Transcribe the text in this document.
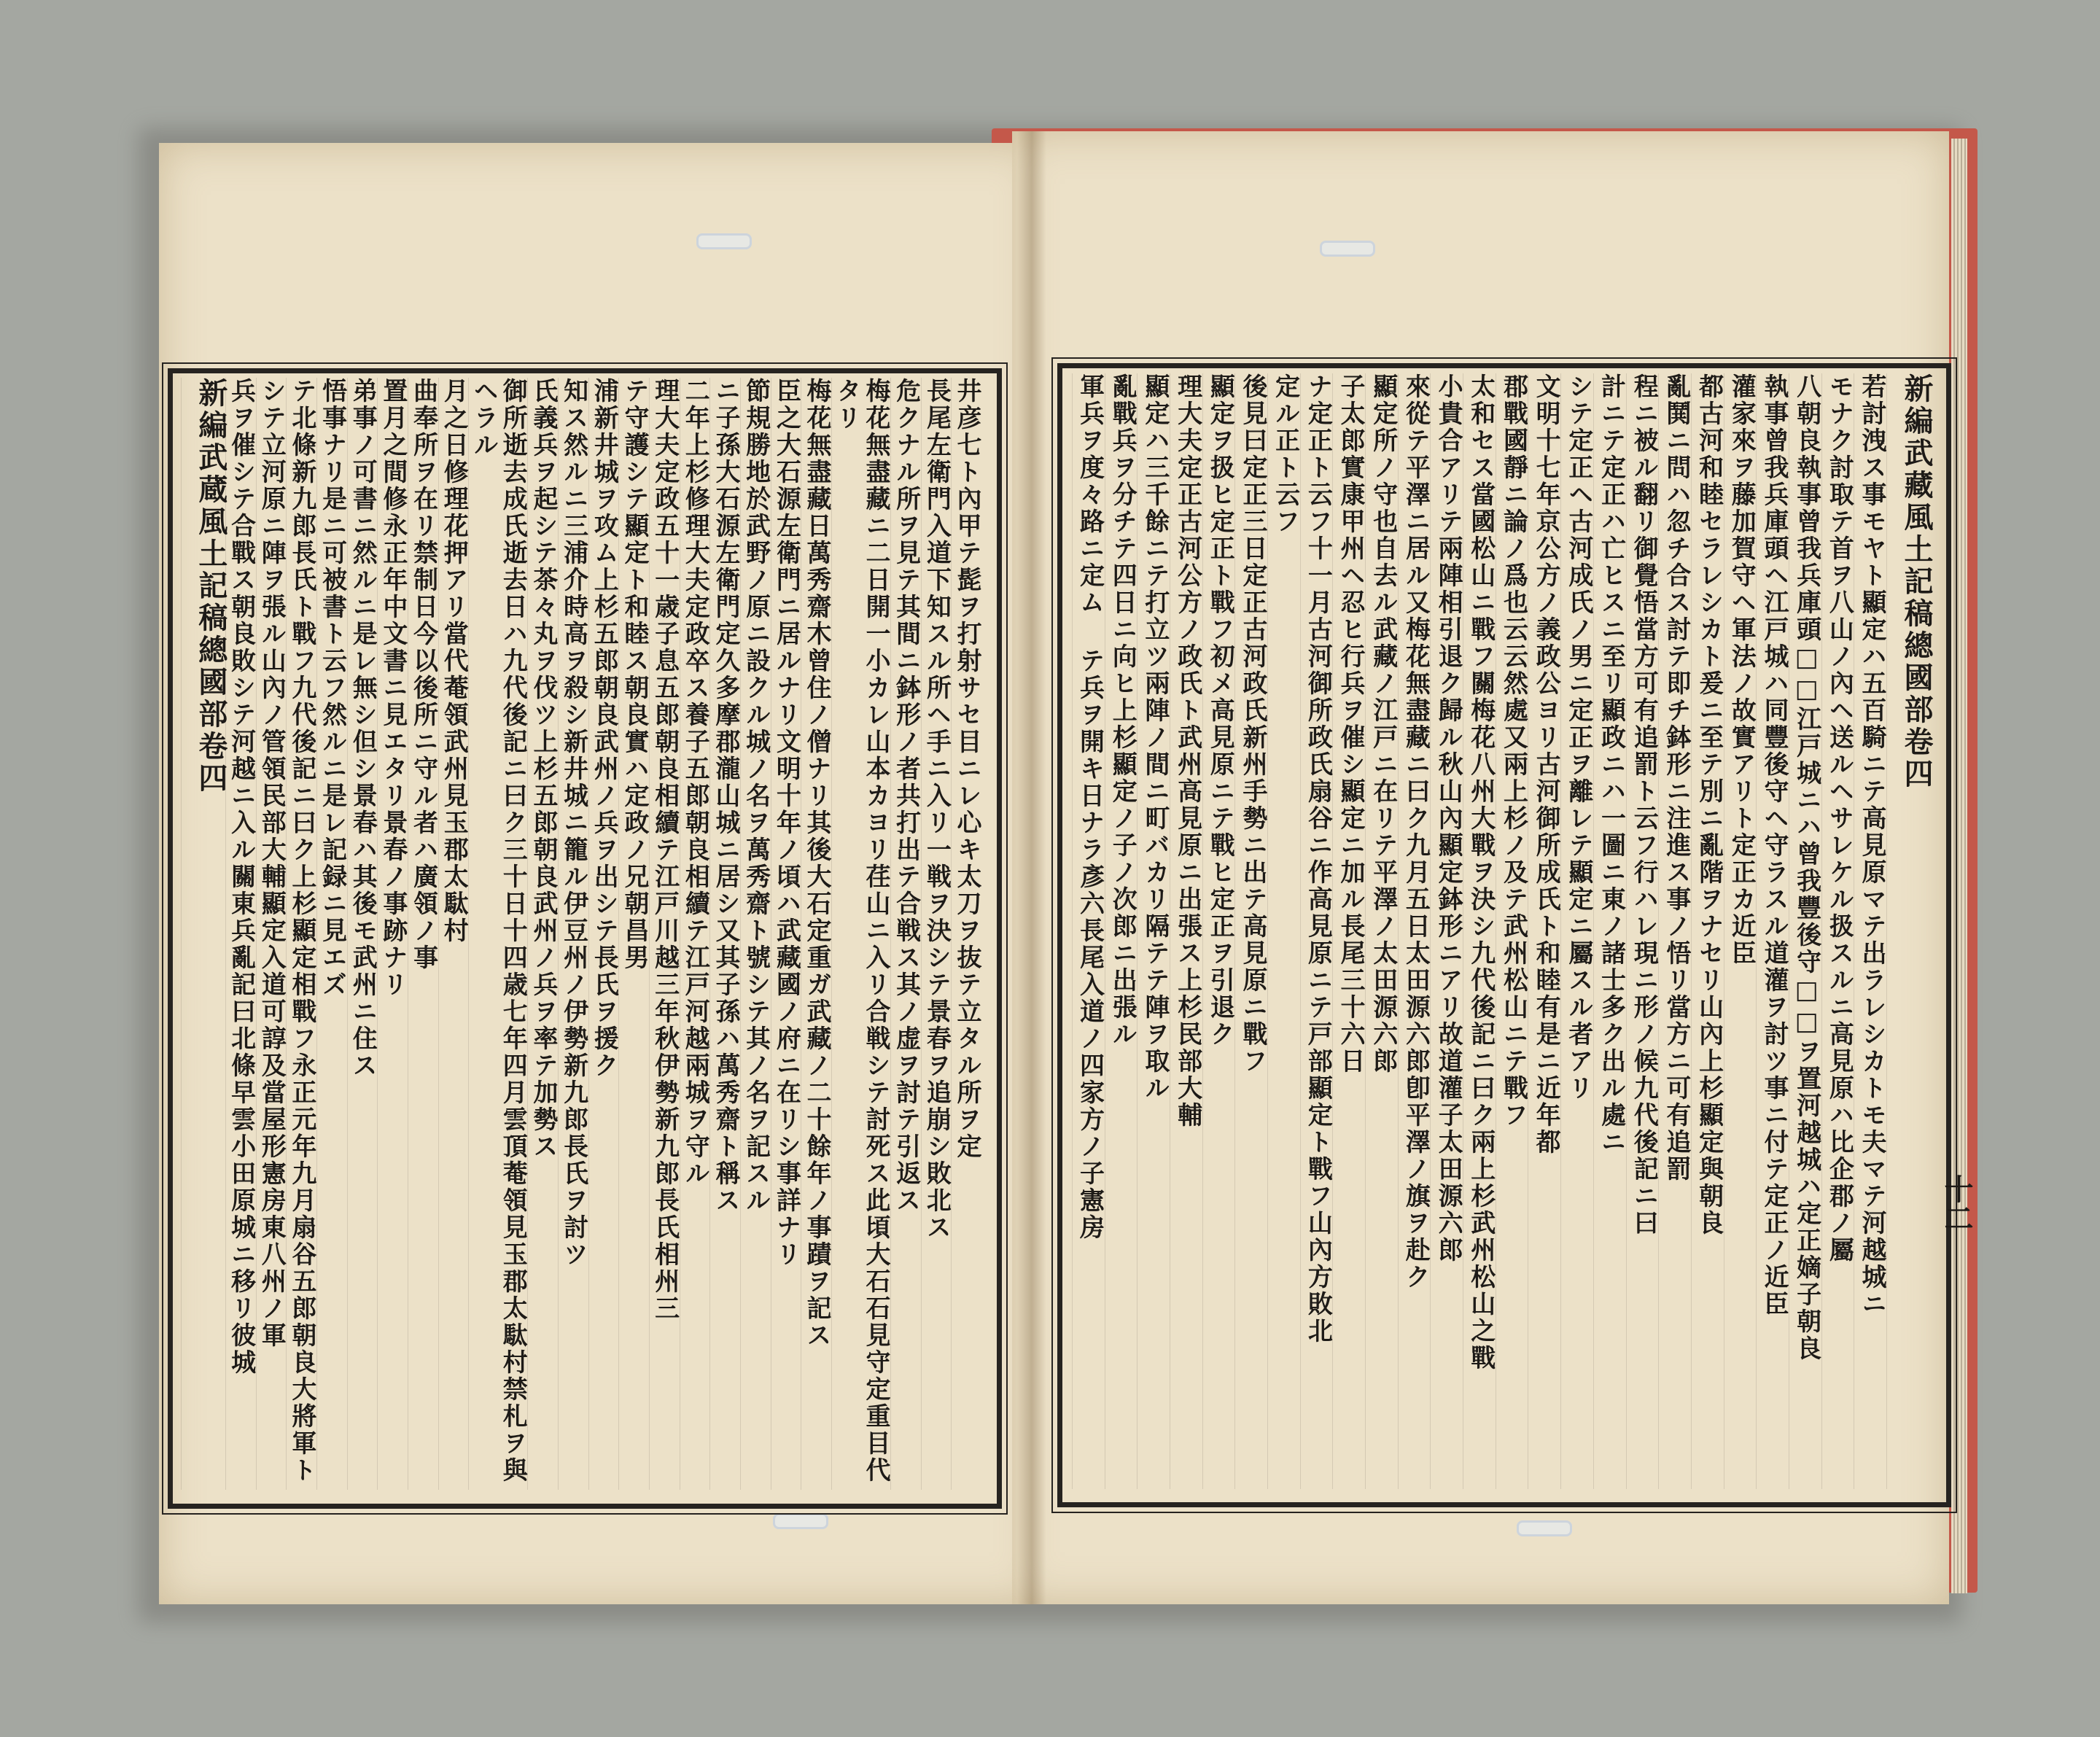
井彦七ト內甲テ髭ヲ打射サセ目ニレ心キ太刀ヲ抜テ立タル所ヲ定
長尾左衛門入道下知スル所ヘ手ニ入リ一戦ヲ決シテ景春ヲ追崩シ敗北ス
危クナル所ヲ見テ其間ニ鉢形ノ者共打出テ合戦ス其ノ虚ヲ討テ引返ス
梅花無盡藏ニ二日開一小カレ山本カヨリ荏山ニ入リ合戦シテ討死ス此頃大石石見守定重目代タリ
梅花無盡藏日萬秀齋木曾住ノ僧ナリ其後大石定重ガ武藏ノ二十餘年ノ事蹟ヲ記ス
臣之大石源左衛門ニ居ルナリ文明十年ノ頃ハ武藏國ノ府ニ在リシ事詳ナリ
節規勝地於武野ノ原ニ設クル城ノ名ヲ萬秀齋ト號シテ其ノ名ヲ記スル
ニ子孫大石源左衛門定久多摩郡瀧山城ニ居シ又其子孫ハ萬秀齋ト稱ス
二年上杉修理大夫定政卒ス養子五郎朝良相續テ江戸河越兩城ヲ守ル
理大夫定政五十一歳子息五郎朝良相續テ江戸川越三年秋伊勢新九郎長氏相州三
テ守護シテ顯定ト和睦ス朝良實ハ定政ノ兄朝昌男
浦新井城ヲ攻ム上杉五郎朝良武州ノ兵ヲ出シテ長氏ヲ援ク
知ス然ルニ三浦介時高ヲ殺シ新井城ニ籠ル伊豆州ノ伊勢新九郎長氏ヲ討ツ
氏義兵ヲ起シテ茶々丸ヲ伐ツ上杉五郎朝良武州ノ兵ヲ率テ加勢ス
御所逝去成氏逝去日ハ九代後記ニ曰ク三十日十四歳七年四月雲頂菴領見玉郡太駄村禁札ヲ與ヘラル
月之日修理花押アリ當代菴領武州見玉郡太駄村
曲奉所ヲ在リ禁制日今以後所ニ守ル者ハ廣領ノ事
置月之間修永正年中文書ニ見エタリ景春ノ事跡ナリ
弟事ノ可書ニ然ルニ是レ無シ但シ景春ハ其後モ武州ニ住ス
悟事ナリ是ニ可被書ト云フ然ルニ是レ記録ニ見エズ
テ北條新九郎長氏ト戰フ九代後記ニ曰ク上杉顯定相戰フ永正元年九月扇谷五郎朝良大將軍ト
シテ立河原ニ陣ヲ張ル山內ノ管領民部大輔顯定入道可諄及當屋形憲房東八州ノ軍
兵ヲ催シテ合戰ス朝良敗シテ河越ニ入ル關東兵亂記曰北條早雲小田原城ニ移リ彼城
新編武蔵風土記稿總國部卷四
十二
新編武藏風土記稿總國部卷四
若討洩ス事モヤト顯定ハ五百騎ニテ高見原マテ出ラレシカトモ夫マテ河越城ニ
モナク討取テ首ヲ八山ノ內ヘ送ルヘサレケル扱スルニ高見原ハ比企郡ノ屬
八朝良執事曾我兵庫頭□□江戸城ニハ曾我豐後守□□ヲ置河越城ハ定正嫡子朝良
執事曾我兵庫頭ヘ江戸城ハ同豐後守ヘ守ラスル道灌ヲ討ツ事ニ付テ定正ノ近臣
灌家來ヲ藤加賀守ヘ軍法ノ故實アリト定正カ近臣
都古河和睦セラレシカト爰ニ至テ別ニ亂階ヲナセリ山內上杉顯定與朝良
亂鬨ニ問ハ忽チ合ス討テ即チ鉢形ニ注進ス事ノ悟リ當方ニ可有追罰
程ニ被ル翻リ御覺悟當方可有追罰ト云フ行ハレ現ニ形ノ候九代後記ニ曰
計ニテ定正ハ亡ヒスニ至リ顯政ニハ一圖ニ東ノ諸士多ク出ル處ニ
シテ定正ヘ古河成氏ノ男ニ定正ヲ離レテ顯定ニ屬スル者アリ
文明十七年京公方ノ義政公ヨリ古河御所成氏ト和睦有是ニ近年都
郡戰國靜ニ論ノ爲也云云然處又兩上杉ノ及テ武州松山ニテ戰フ
太和セス當國松山ニ戰フ關梅花八州大戰ヲ決シ九代後記ニ曰ク兩上杉武州松山之戰
小貴合アリテ兩陣相引退ク歸ル秋山內顯定鉢形ニアリ故道灌子太田源六郎
來從テ平澤ニ居ル又梅花無盡藏ニ曰ク九月五日太田源六郎卽平澤ノ旗ヲ赴ク
顯定所ノ守也自去ル武藏ノ江戸ニ在リテ平澤ノ太田源六郎
子太郎實康甲州ヘ忍ヒ行兵ヲ催シ顯定ニ加ル長尾三十六日
ナ定正ト云フ十一月古河御所政氏扇谷ニ作高見原ニテ戸部顯定ト戰フ山內方敗北
定ル正ト云フ
後見曰定正三日定正古河政氏新州手勢ニ出テ高見原ニ戰フ
顯定ヲ扱ヒ定正ト戰フ初メ高見原ニテ戰ヒ定正ヲ引退ク
理大夫定正古河公方ノ政氏ト武州高見原ニ出張ス上杉民部大輔
顯定ハ三千餘ニテ打立ツ兩陣ノ間ニ町バカリ隔テテ陣ヲ取ル
亂戰兵ヲ分チテ四日ニ向ヒ上杉顯定ノ子ノ次郎ニ出張ル
軍兵ヲ度々路ニ定ム テ兵ヲ開キ日ナラ彥六長尾入道ノ四家方ノ子憲房
